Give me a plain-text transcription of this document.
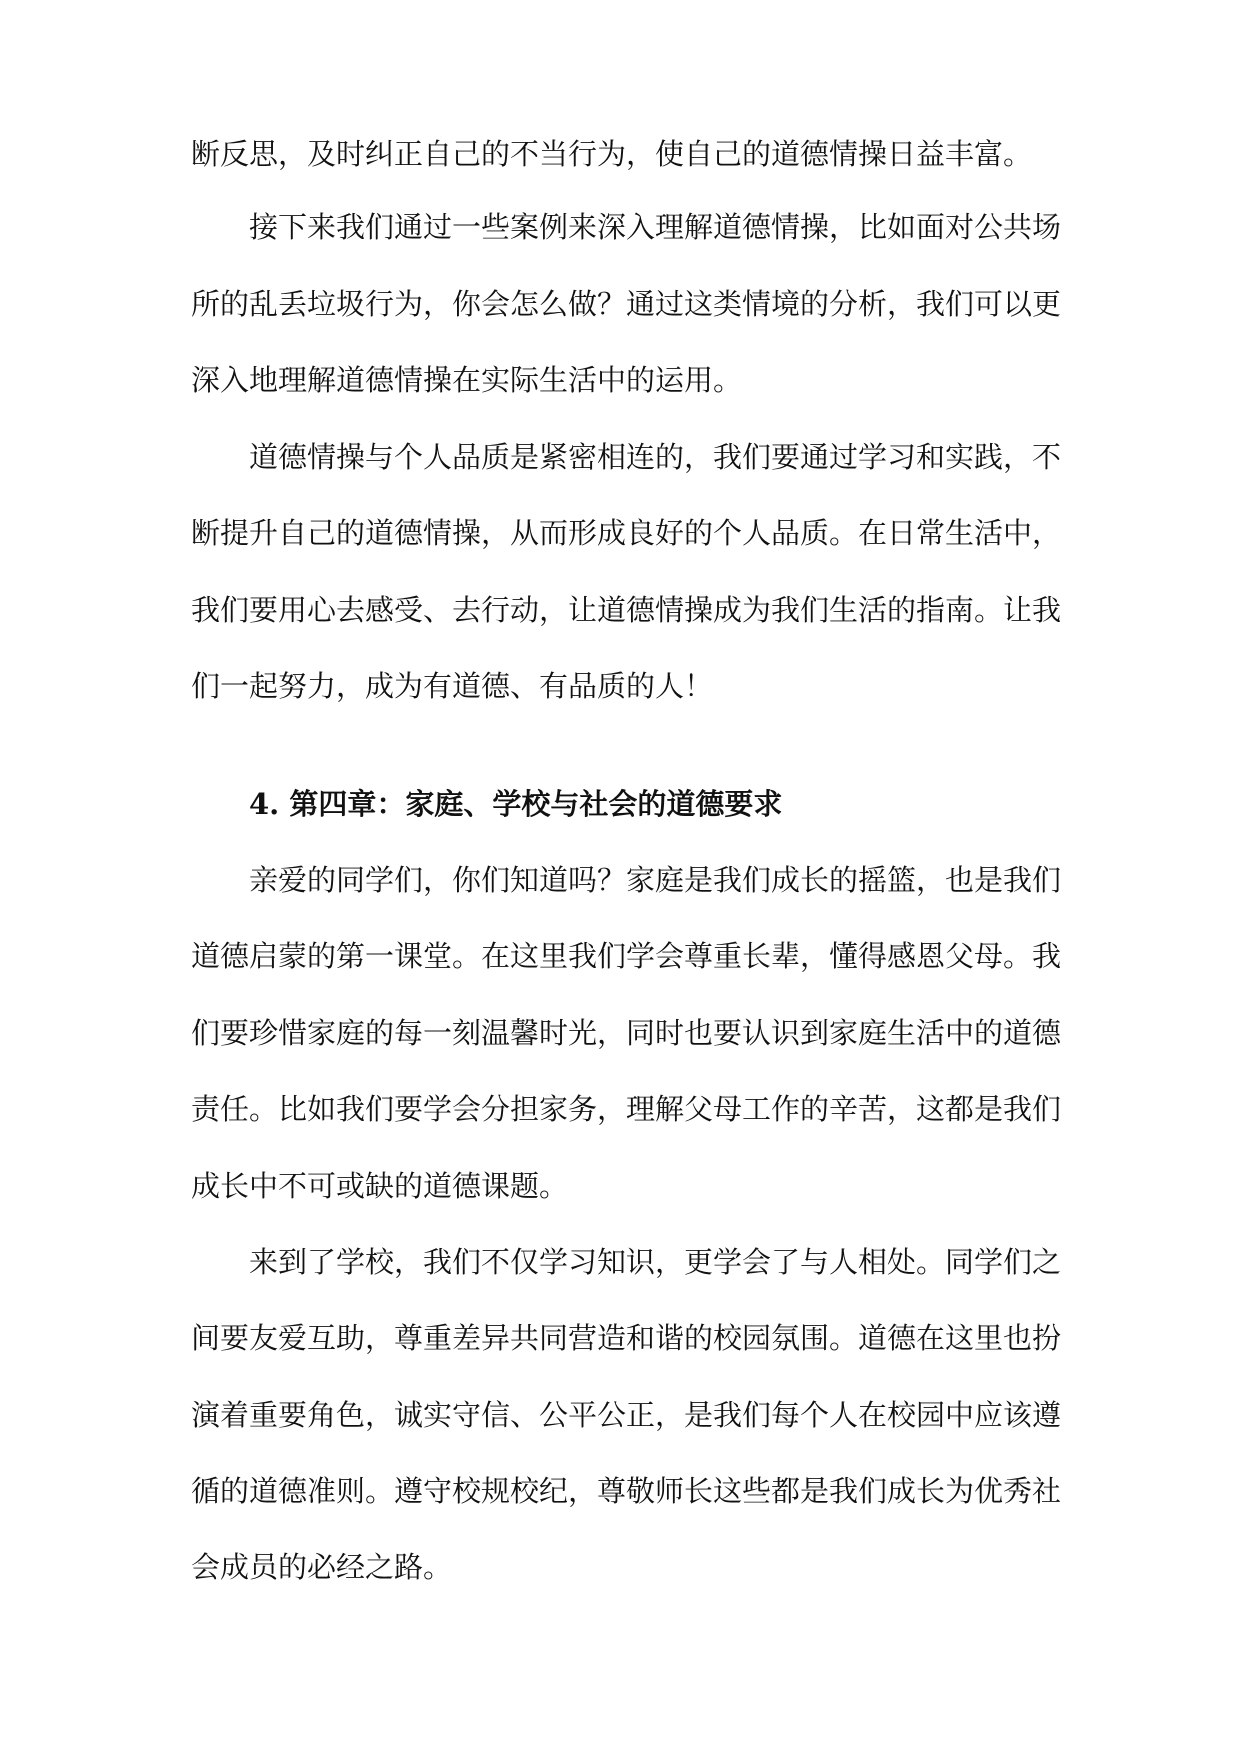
断反思，及时纠正自己的不当行为，使自己的道德情操日益丰富。
接下来我们通过一些案例来深入理解道德情操，比如面对公共场
所的乱丢垃圾行为，你会怎么做？通过这类情境的分析，我们可以更
深入地理解道德情操在实际生活中的运用。
道德情操与个人品质是紧密相连的，我们要通过学习和实践，不
断提升自己的道德情操，从而形成良好的个人品质。在日常生活中，
我们要用心去感受、去行动，让道德情操成为我们生活的指南。让我
们一起努力，成为有道德、有品质的人！
4. 第四章：家庭、学校与社会的道德要求
亲爱的同学们，你们知道吗？家庭是我们成长的摇篮，也是我们
道德启蒙的第一课堂。在这里我们学会尊重长辈，懂得感恩父母。我
们要珍惜家庭的每一刻温馨时光，同时也要认识到家庭生活中的道德
责任。比如我们要学会分担家务，理解父母工作的辛苦，这都是我们
成长中不可或缺的道德课题。
来到了学校，我们不仅学习知识，更学会了与人相处。同学们之
间要友爱互助，尊重差异共同营造和谐的校园氛围。道德在这里也扮
演着重要角色，诚实守信、公平公正，是我们每个人在校园中应该遵
循的道德准则。遵守校规校纪，尊敬师长这些都是我们成长为优秀社
会成员的必经之路。
